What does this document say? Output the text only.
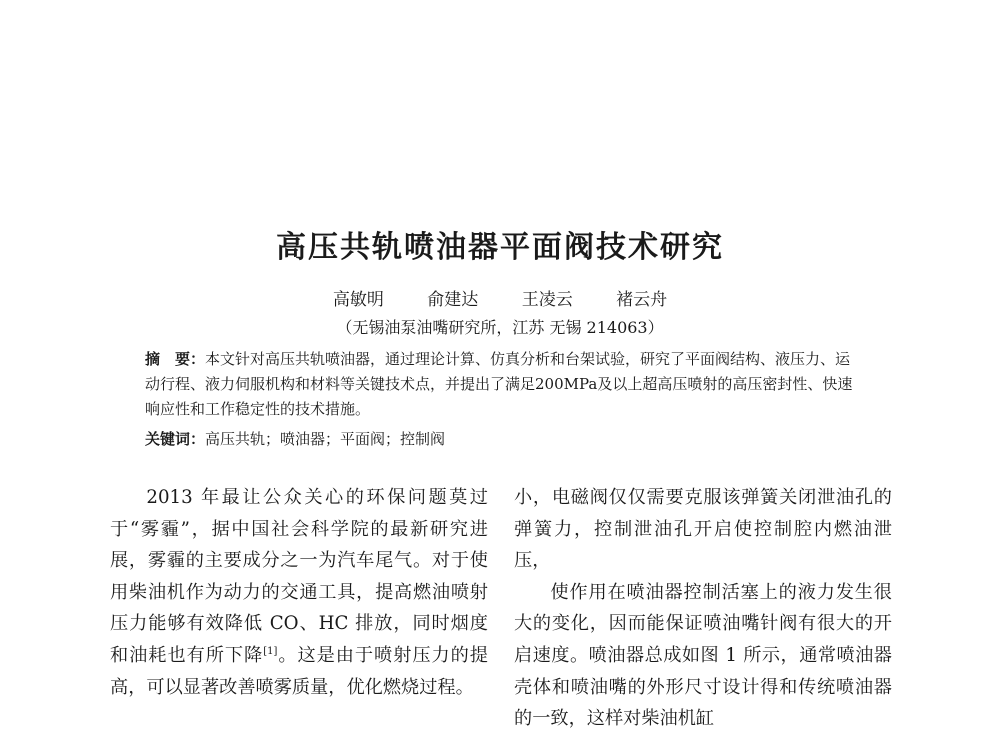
高压共轨喷油器平面阀技术研究
高敏明	俞建达	王凌云	褚云舟
（无锡油泵油嘴研究所，江苏 无锡 214063）
摘　要：本文针对高压共轨喷油器，通过理论计算、仿真分析和台架试验，研究了平面阀结构、液压力、运动行程、液力伺服机构和材料等关键技术点，并提出了满足200MPa及以上超高压喷射的高压密封性、快速响应性和工作稳定性的技术措施。
关键词：高压共轨；喷油器；平面阀；控制阀

2013 年最让公众关心的环保问题莫过于“雾霾”，据中国社会科学院的最新研究进展，雾霾的主要成分之一为汽车尾气。对于使用柴油机作为动力的交通工具，提高燃油喷射压力能够有效降低 CO、HC 排放，同时烟度和油耗也有所下降[1]。这是由于喷射压力的提高，可以显著改善喷雾质量，优化燃烧过程。

小，电磁阀仅仅需要克服该弹簧关闭泄油孔的弹簧力，控制泄油孔开启使控制腔内燃油泄压，

使作用在喷油器控制活塞上的液力发生很大的变化，因而能保证喷油嘴针阀有很大的开启速度。喷油器总成如图 1 所示，通常喷油器壳体和喷油嘴的外形尺寸设计得和传统喷油器的一致，这样对柴油机缸
